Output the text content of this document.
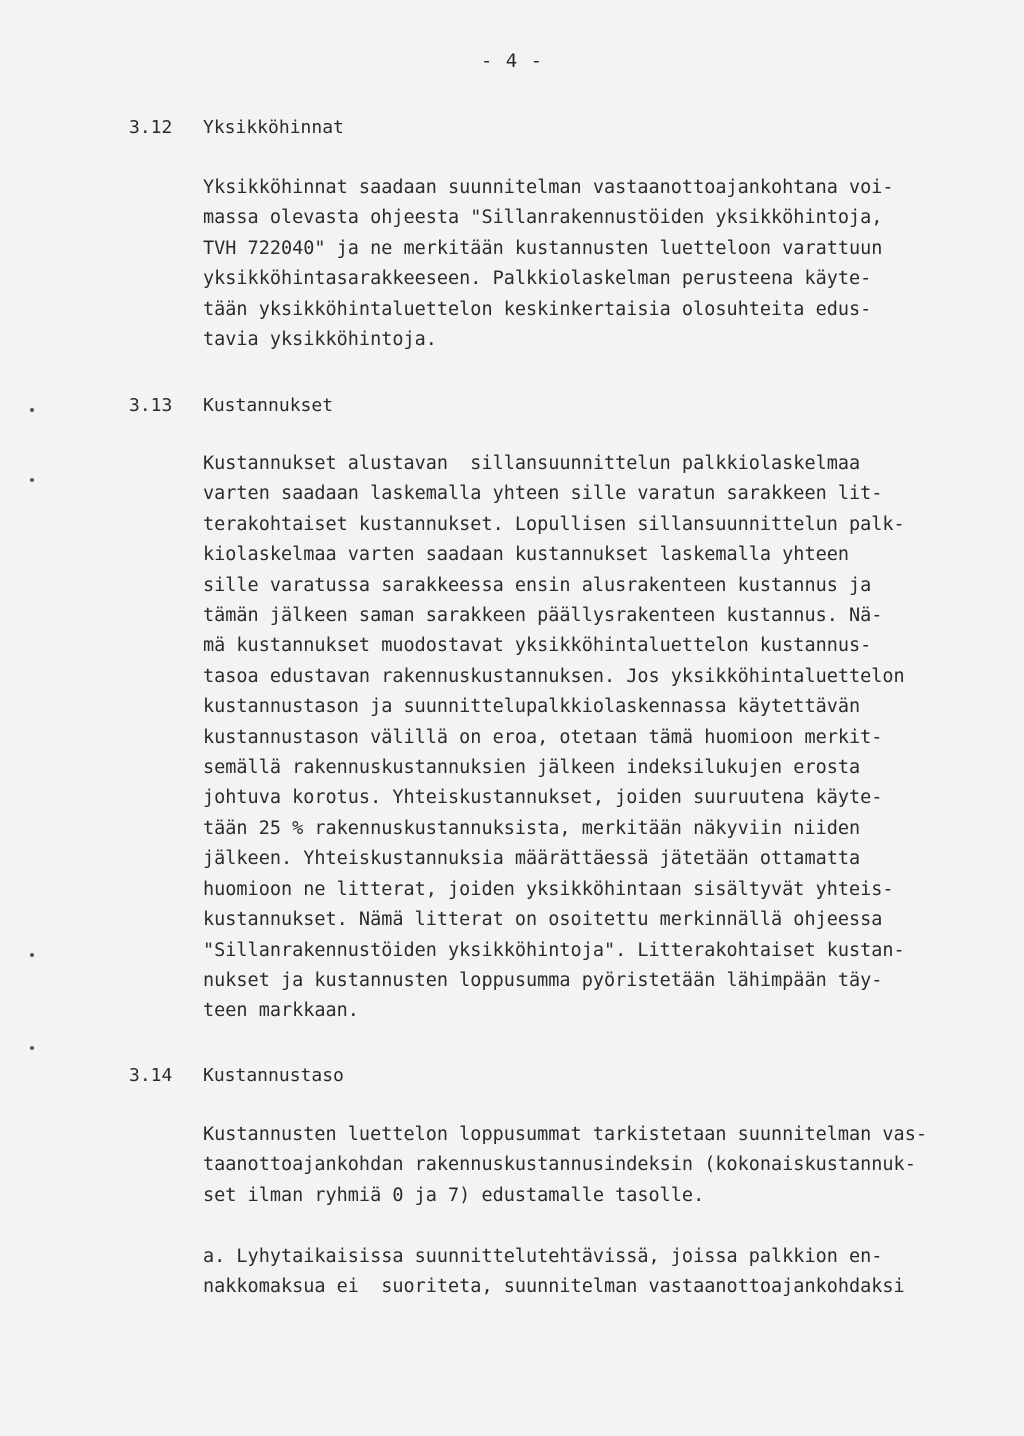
- 4 -
3.12 Yksikköhinnat
Yksikköhinnat saadaan suunnitelman vastaanottoajankohtana voi-
massa olevasta ohjeesta "Sillanrakennustöiden yksikköhintoja,
TVH 722040" ja ne merkitään kustannusten luetteloon varattuun
yksikköhintasarakkeeseen. Palkkiolaskelman perusteena käyte-
tään yksikköhintaluettelon keskinkertaisia olosuhteita edus-
tavia yksikköhintoja.
3.13 Kustannukset
Kustannukset alustavan  sillansuunnittelun palkkiolaskelmaa
varten saadaan laskemalla yhteen sille varatun sarakkeen lit-
terakohtaiset kustannukset. Lopullisen sillansuunnittelun palk-
kiolaskelmaa varten saadaan kustannukset laskemalla yhteen
sille varatussa sarakkeessa ensin alusrakenteen kustannus ja
tämän jälkeen saman sarakkeen päällysrakenteen kustannus. Nä-
mä kustannukset muodostavat yksikköhintaluettelon kustannus-
tasoa edustavan rakennuskustannuksen. Jos yksikköhintaluettelon
kustannustason ja suunnittelupalkkiolaskennassa käytettävän
kustannustason välillä on eroa, otetaan tämä huomioon merkit-
semällä rakennuskustannuksien jälkeen indeksilukujen erosta
johtuva korotus. Yhteiskustannukset, joiden suuruutena käyte-
tään 25 % rakennuskustannuksista, merkitään näkyviin niiden
jälkeen. Yhteiskustannuksia määrättäessä jätetään ottamatta
huomioon ne litterat, joiden yksikköhintaan sisältyvät yhteis-
kustannukset. Nämä litterat on osoitettu merkinnällä ohjeessa
"Sillanrakennustöiden yksikköhintoja". Litterakohtaiset kustan-
nukset ja kustannusten loppusumma pyöristetään lähimpään täy-
teen markkaan.
3.14 Kustannustaso
Kustannusten luettelon loppusummat tarkistetaan suunnitelman vas-
taanottoajankohdan rakennuskustannusindeksin (kokonaiskustannuk-
set ilman ryhmiä 0 ja 7) edustamalle tasolle.
a. Lyhytaikaisissa suunnittelutehtävissä, joissa palkkion en-
nakkomaksua ei  suoriteta, suunnitelman vastaanottoajankohdaksi
